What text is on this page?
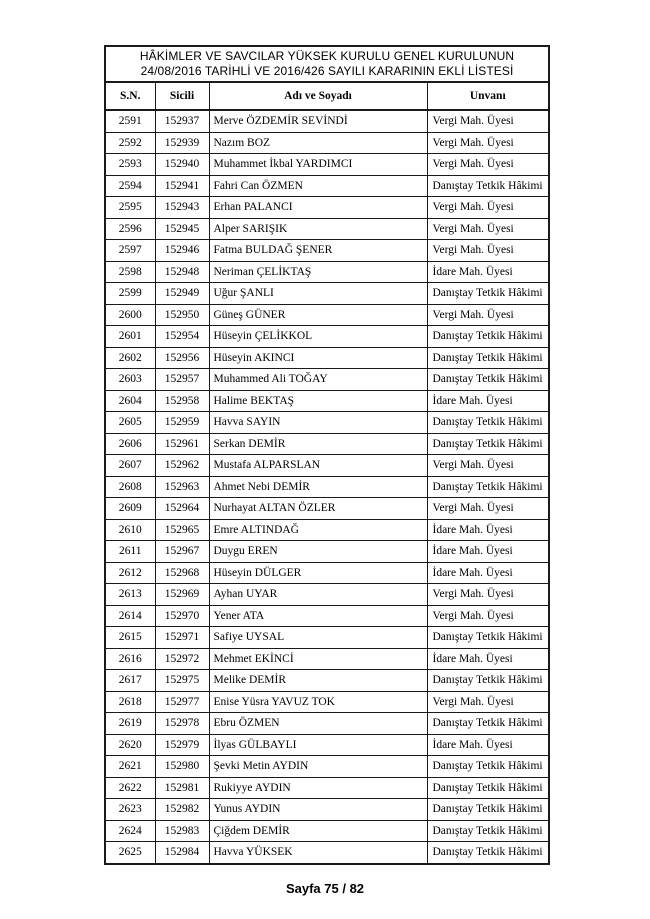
HÂKİMLER VE SAVCILAR YÜKSEK KURULU GENEL KURULUNUN
24/08/2016 TARİHLİ VE 2016/426 SAYILI KARARININ EKLİ LİSTESİ			

S.N.	Sicili	Adı ve Soyadı	Unvanı
2591	152937	Merve ÖZDEMİR SEVİNDİ	Vergi Mah. Üyesi
2592	152939	Nazım BOZ	Vergi Mah. Üyesi
2593	152940	Muhammet İkbal YARDIMCI	Vergi Mah. Üyesi
2594	152941	Fahri Can ÖZMEN	Danıştay Tetkik Hâkimi
2595	152943	Erhan PALANCI	Vergi Mah. Üyesi
2596	152945	Alper SARIŞIK	Vergi Mah. Üyesi
2597	152946	Fatma BULDAĞ ŞENER	Vergi Mah. Üyesi
2598	152948	Neriman ÇELİKTAŞ	İdare Mah. Üyesi
2599	152949	Uğur ŞANLI	Danıştay Tetkik Hâkimi
2600	152950	Güneş GÜNER	Vergi Mah. Üyesi
2601	152954	Hüseyin ÇELİKKOL	Danıştay Tetkik Hâkimi
2602	152956	Hüseyin AKINCI	Danıştay Tetkik Hâkimi
2603	152957	Muhammed Ali TOĞAY	Danıştay Tetkik Hâkimi
2604	152958	Halime BEKTAŞ	İdare Mah. Üyesi
2605	152959	Havva SAYIN	Danıştay Tetkik Hâkimi
2606	152961	Serkan DEMİR	Danıştay Tetkik Hâkimi
2607	152962	Mustafa ALPARSLAN	Vergi Mah. Üyesi
2608	152963	Ahmet Nebi DEMİR	Danıştay Tetkik Hâkimi
2609	152964	Nurhayat ALTAN ÖZLER	Vergi Mah. Üyesi
2610	152965	Emre ALTINDAĞ	İdare Mah. Üyesi
2611	152967	Duygu EREN	İdare Mah. Üyesi
2612	152968	Hüseyin DÜLGER	İdare Mah. Üyesi
2613	152969	Ayhan UYAR	Vergi Mah. Üyesi
2614	152970	Yener ATA	Vergi Mah. Üyesi
2615	152971	Safiye UYSAL	Danıştay Tetkik Hâkimi
2616	152972	Mehmet EKİNCİ	İdare Mah. Üyesi
2617	152975	Melike DEMİR	Danıştay Tetkik Hâkimi
2618	152977	Enise Yüsra YAVUZ TOK	Vergi Mah. Üyesi
2619	152978	Ebru ÖZMEN	Danıştay Tetkik Hâkimi
2620	152979	İlyas GÜLBAYLI	İdare Mah. Üyesi
2621	152980	Şevki Metin AYDIN	Danıştay Tetkik Hâkimi
2622	152981	Rukiyye AYDIN	Danıştay Tetkik Hâkimi
2623	152982	Yunus AYDIN	Danıştay Tetkik Hâkimi
2624	152983	Çiğdem DEMİR	Danıştay Tetkik Hâkimi
2625	152984	Havva YÜKSEK	Danıştay Tetkik Hâkimi
Sayfa 75 / 82
